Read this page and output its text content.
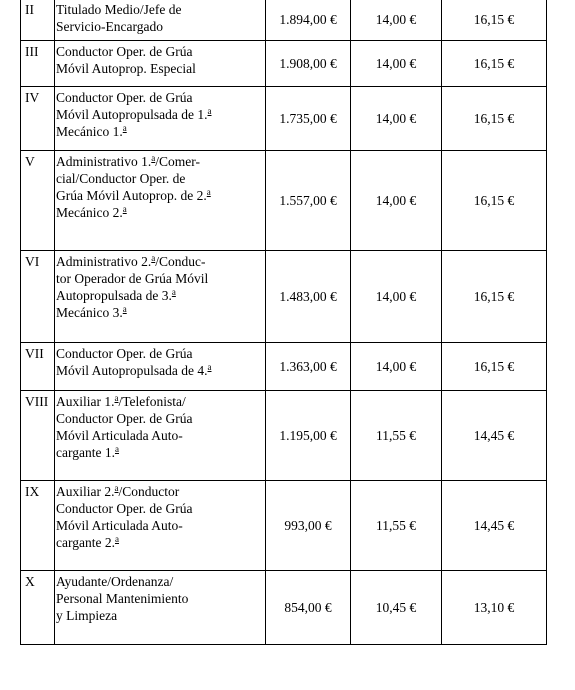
II	Titulado Medio/Jefe de
Servicio-Encargado	1.894,00 €	14,00 €	16,15 €
III	Conductor Oper. de Grúa
Móvil Autoprop. Especial	1.908,00 €	14,00 €	16,15 €
IV	Conductor Oper. de Grúa
Móvil Autopropulsada de 1.$^a$
Mecánico 1.$^a$	1.735,00 €	14,00 €	16,15 €
V	Administrativo 1.$^a$/Comer-
cial/Conductor Oper. de
Grúa Móvil Autoprop. de 2.$^a$
Mecánico 2.$^a$	1.557,00 €	14,00 €	16,15 €
VI	Administrativo 2.$^a$/Conduc-
tor Operador de Grúa Móvil
Autopropulsada de 3.$^a$
Mecánico 3.$^a$	1.483,00 €	14,00 €	16,15 €
VII	Conductor Oper. de Grúa
Móvil Autopropulsada de 4.$^a$	1.363,00 €	14,00 €	16,15 €
VIII	Auxiliar 1.$^a$/Telefonista/
Conductor Oper. de Grúa
Móvil Articulada Auto-
cargante 1.$^a$	1.195,00 €	11,55 €	14,45 €
IX	Auxiliar 2.$^a$/Conductor
Conductor Oper. de Grúa
Móvil Articulada Auto-
cargante 2.$^a$	993,00 €	11,55 €	14,45 €
X	Ayudante/Ordenanza/
Personal Mantenimiento
y Limpieza	854,00 €	10,45 €	13,10 €
